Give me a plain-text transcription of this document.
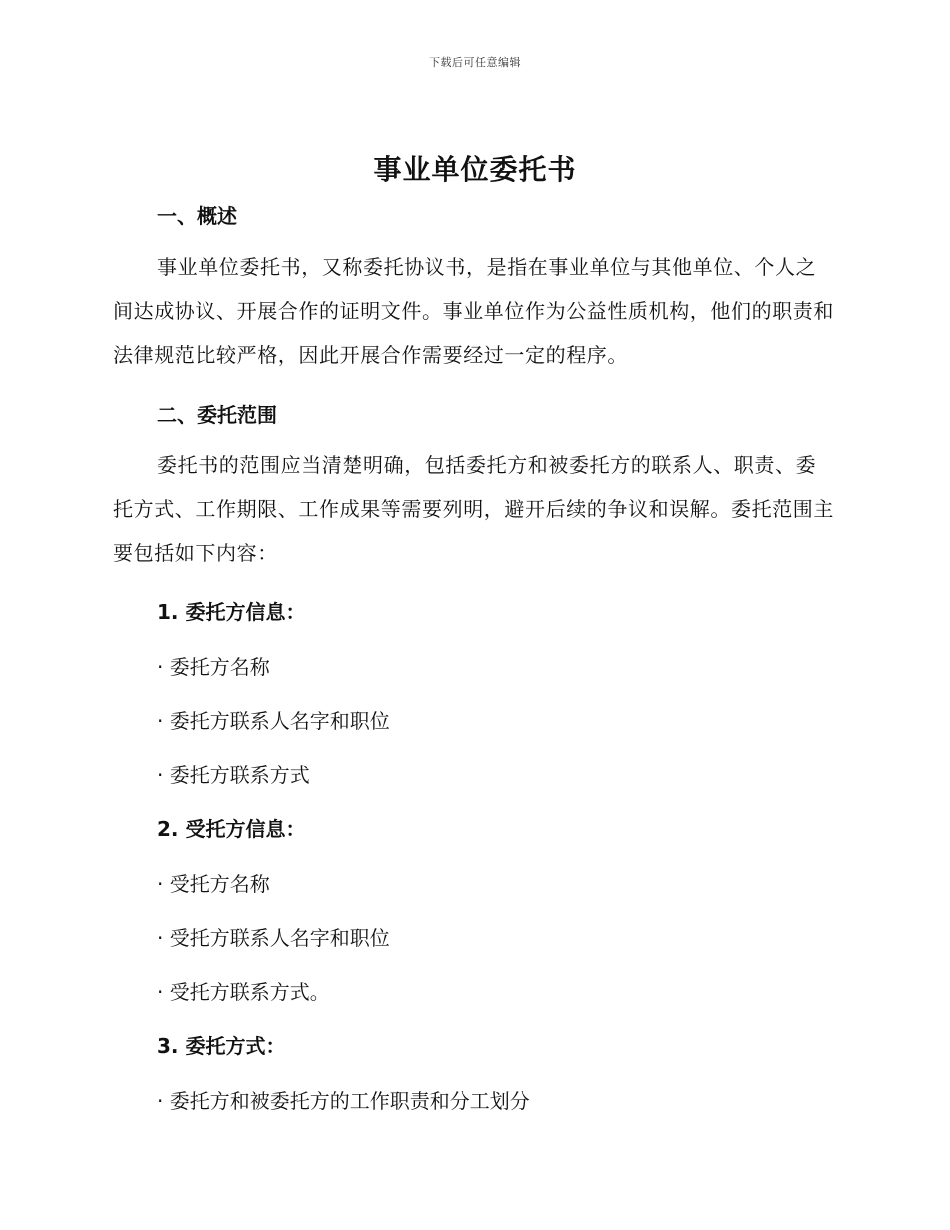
下载后可任意编辑
事业单位委托书
一、概述

事业单位委托书，又称委托协议书，是指在事业单位与其他单位、个人之间达成协议、开展合作的证明文件。事业单位作为公益性质机构，他们的职责和法律规范比较严格，因此开展合作需要经过一定的程序。

二、委托范围

委托书的范围应当清楚明确，包括委托方和被委托方的联系人、职责、委托方式、工作期限、工作成果等需要列明，避开后续的争议和误解。委托范围主要包括如下内容：

1. 委托方信息：
· 委托方名称
· 委托方联系人名字和职位
· 委托方联系方式
2. 受托方信息：
· 受托方名称
· 受托方联系人名字和职位
· 受托方联系方式。
3. 委托方式：
· 委托方和被委托方的工作职责和分工划分
